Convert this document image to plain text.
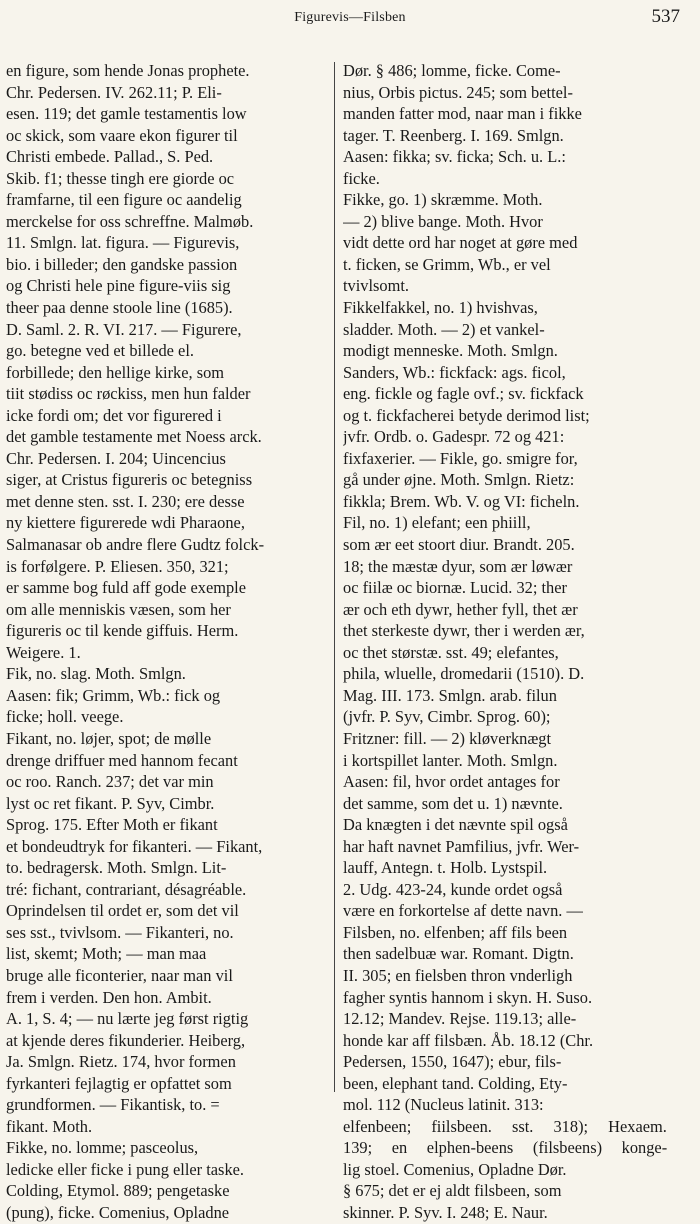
Figurevis—Filsben	537
en figure, som hende Jonas prophete.
Chr. Pedersen. IV. 262.11; P. Eli-
esen. 119; det gamle testamentis low
oc skick, som vaare ekon figurer til
Christi embede. Pallad., S. Ped.
Skib. f1; thesse tingh ere giorde oc
framfarne, til een figure oc aandelig
merckelse for oss schreffne. Malmøb.
11. Smlgn. lat. figura. — Figurevis,
bio. i billeder; den gandske passion
og Christi hele pine figure-viis sig
theer paa denne stoole line (1685).
D. Saml. 2. R. VI. 217. — Figurere,
go. betegne ved et billede el.
forbillede; den hellige kirke, som
tiit stødiss oc røckiss, men hun falder
icke fordi om; det vor figurered i
det gamble testamente met Noess arck.
Chr. Pedersen. I. 204; Uincencius
siger, at Cristus figureris oc betegniss
met denne sten. sst. I. 230; ere desse
ny kiettere figurerede wdi Pharaone,
Salmanasar ob andre flere Gudtz folck-
is forfølgere. P. Eliesen. 350, 321;
er samme bog fuld aff gode exemple
om alle menniskis væsen, som her
figureris oc til kende giffuis. Herm.
Weigere. 1.
Fik, no. slag. Moth. Smlgn.
Aasen: fik; Grimm, Wb.: fick og
ficke; holl. veege.
Fikant, no. løjer, spot; de mølle
drenge driffuer med hannom fecant
oc roo. Ranch. 237; det var min
lyst oc ret fikant. P. Syv, Cimbr.
Sprog. 175. Efter Moth er fikant
et bondeudtryk for fikanteri. — Fikant,
to. bedragersk. Moth. Smlgn. Lit-
tré: fichant, contrariant, désagréable.
Oprindelsen til ordet er, som det vil
ses sst., tvivlsom. — Fikanteri, no.
list, skemt; Moth; — man maa
bruge alle ficonterier, naar man vil
frem i verden. Den hon. Ambit.
A. 1, S. 4; — nu lærte jeg først rigtig
at kjende deres fikunderier. Heiberg,
Ja. Smlgn. Rietz. 174, hvor formen
fyrkanteri fejlagtig er opfattet som
grundformen. — Fikantisk, to. =
fikant. Moth.
Fikke, no. lomme; pasceolus,
ledicke eller ficke i pung eller taske.
Colding, Etymol. 889; pengetaske
(pung), ficke. Comenius, Opladne
Dør. § 486; lomme, ficke. Come-
nius, Orbis pictus. 245; som bettel-
manden fatter mod, naar man i fikke
tager. T. Reenberg. I. 169. Smlgn.
Aasen: fikka; sv. ficka; Sch. u. L.:
ficke.
Fikke, go. 1) skræmme. Moth.
— 2) blive bange. Moth. Hvor
vidt dette ord har noget at gøre med
t. ficken, se Grimm, Wb., er vel
tvivlsomt.
Fikkelfakkel, no. 1) hvishvas,
sladder. Moth. — 2) et vankel-
modigt menneske. Moth. Smlgn.
Sanders, Wb.: fickfack: ags. ficol,
eng. fickle og fagle ovf.; sv. fickfack
og t. fickfacherei betyde derimod list;
jvfr. Ordb. o. Gadespr. 72 og 421:
fixfaxerier. — Fikle, go. smigre for,
gå under øjne. Moth. Smlgn. Rietz:
fikkla; Brem. Wb. V. og VI: ficheln.
Fil, no. 1) elefant; een phiill,
som ær eet stoort diur. Brandt. 205.
18; the mæstæ dyur, som ær løwær
oc fiilæ oc biornæ. Lucid. 32; ther
ær och eth dywr, hether fyll, thet ær
thet sterkeste dywr, ther i werden ær,
oc thet størstæ. sst. 49; elefantes,
phila, wluelle, dromedarii (1510). D.
Mag. III. 173. Smlgn. arab. filun
(jvfr. P. Syv, Cimbr. Sprog. 60);
Fritzner: fill. — 2) kløverknægt
i kortspillet lanter. Moth. Smlgn.
Aasen: fil, hvor ordet antages for
det samme, som det u. 1) nævnte.
Da knægten i det nævnte spil også
har haft navnet Pamfilius, jvfr. Wer-
lauff, Antegn. t. Holb. Lystspil.
2. Udg. 423-24, kunde ordet også
være en forkortelse af dette navn. —
Filsben, no. elfenben; aff fils been
then sadelbuæ war. Romant. Digtn.
II. 305; en fielsben thron vnderligh
fagher syntis hannom i skyn. H. Suso.
12.12; Mandev. Rejse. 119.13; alle-
honde kar aff filsbæn. Åb. 18.12 (Chr.
Pedersen, 1550, 1647); ebur, fils-
been, elephant tand. Colding, Ety-
mol. 112 (Nucleus latinit. 313:
elfenbeen; fiilsbeen. sst. 318); Hexaem.
139; en elphen-beens (filsbeens) konge-
lig stoel. Comenius, Opladne Dør.
§ 675; det er ej aldt filsbeen, som
skinner. P. Syv. I. 248; E. Naur.
